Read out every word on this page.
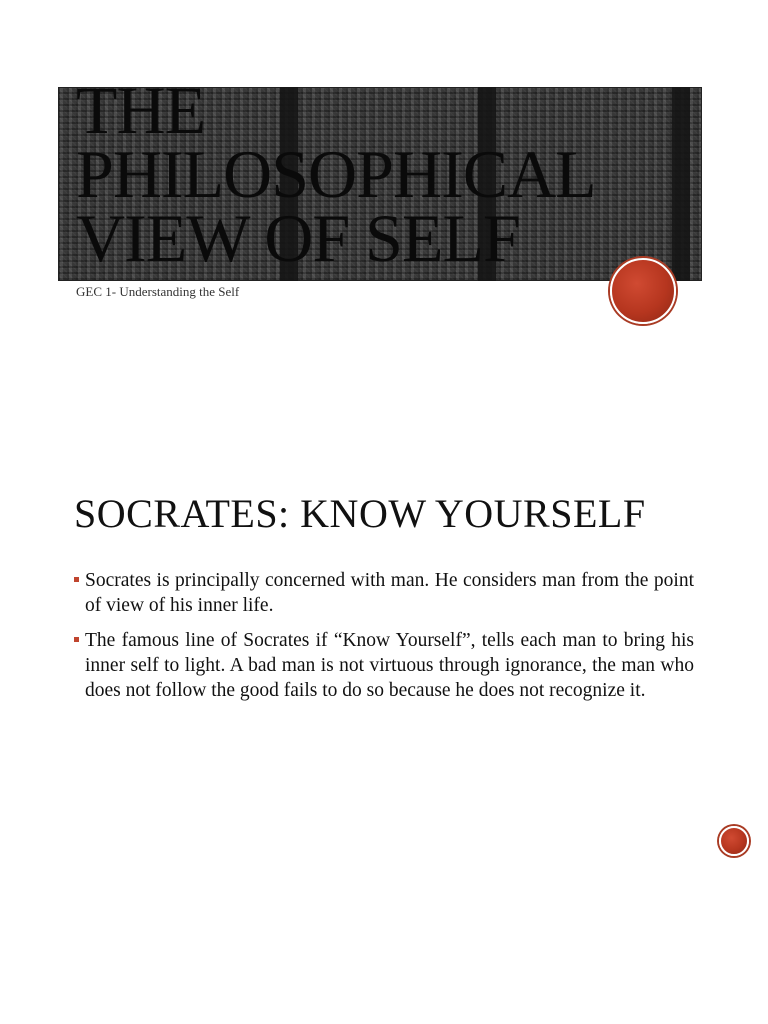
THE
PHILOSOPHICAL
VIEW OF SELF
GEC 1- Understanding the Self
SOCRATES: KNOW YOURSELF
Socrates is principally concerned with man. He considers man from the point of view of his inner life.
The famous line of Socrates if “Know Yourself”, tells each man to bring his inner self to light. A bad man is not virtuous through ignorance, the man who does not follow the good fails to do so because he does not recognize it.
